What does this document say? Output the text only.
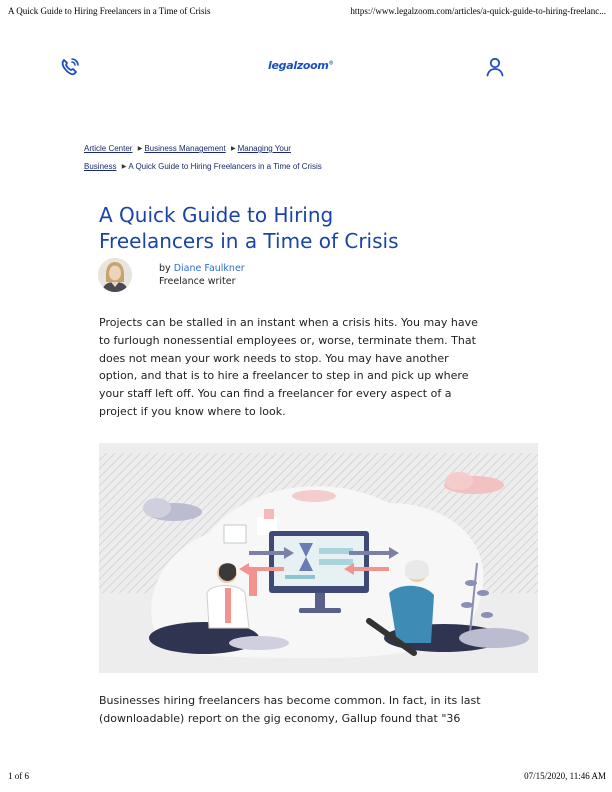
A Quick Guide to Hiring Freelancers in a Time of Crisis	https://www.legalzoom.com/articles/a-quick-guide-to-hiring-freelanc...
legalzoom®
Article Center ▶ Business Management ▶ Managing Your
Business ▶ A Quick Guide to Hiring Freelancers in a Time of Crisis
A Quick Guide to Hiring
Freelancers in a Time of Crisis
by Diane Faulkner
Freelance writer

Projects can be stalled in an instant when a crisis hits. You may have
to furlough nonessential employees or, worse, terminate them. That
does not mean your work needs to stop. You may have another
option, and that is to hire a freelancer to step in and pick up where
your staff left off. You can find a freelancer for every aspect of a
project if you know where to look.

Businesses hiring freelancers has become common. In fact, in its last
(downloadable) report on the gig economy, Gallup found that "36

1 of 6	07/15/2020, 11:46 AM
